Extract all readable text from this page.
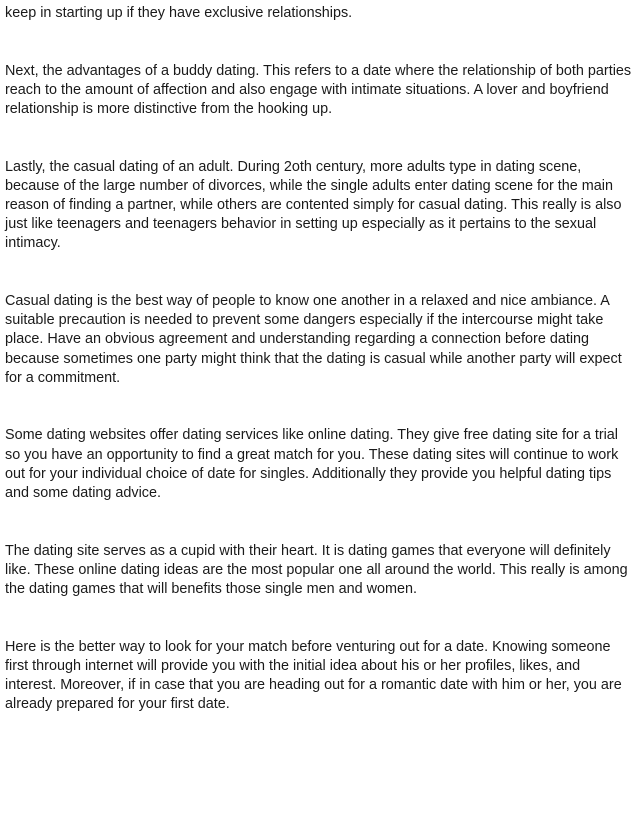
keep in starting up if they have exclusive relationships.

Next, the advantages of a buddy dating. This refers to a date where the relationship of both parties reach to the amount of affection and also engage with intimate situations. A lover and boyfriend relationship is more distinctive from the hooking up.

Lastly, the casual dating of an adult. During 2oth century, more adults type in dating scene, because of the large number of divorces, while the single adults enter dating scene for the main reason of finding a partner, while others are contented simply for casual dating. This really is also just like teenagers and teenagers behavior in setting up especially as it pertains to the sexual intimacy.

Casual dating is the best way of people to know one another in a relaxed and nice ambiance. A suitable precaution is needed to prevent some dangers especially if the intercourse might take place. Have an obvious agreement and understanding regarding a connection before dating because sometimes one party might think that the dating is casual while another party will expect for a commitment.

Some dating websites offer dating services like online dating. They give free dating site for a trial so you have an opportunity to find a great match for you. These dating sites will continue to work out for your individual choice of date for singles. Additionally they provide you helpful dating tips and some dating advice.

The dating site serves as a cupid with their heart. It is dating games that everyone will definitely like. These online dating ideas are the most popular one all around the world. This really is among the dating games that will benefits those single men and women.

Here is the better way to look for your match before venturing out for a date. Knowing someone first through internet will provide you with the initial idea about his or her profiles, likes, and interest. Moreover, if in case that you are heading out for a romantic date with him or her, you are already prepared for your first date.
